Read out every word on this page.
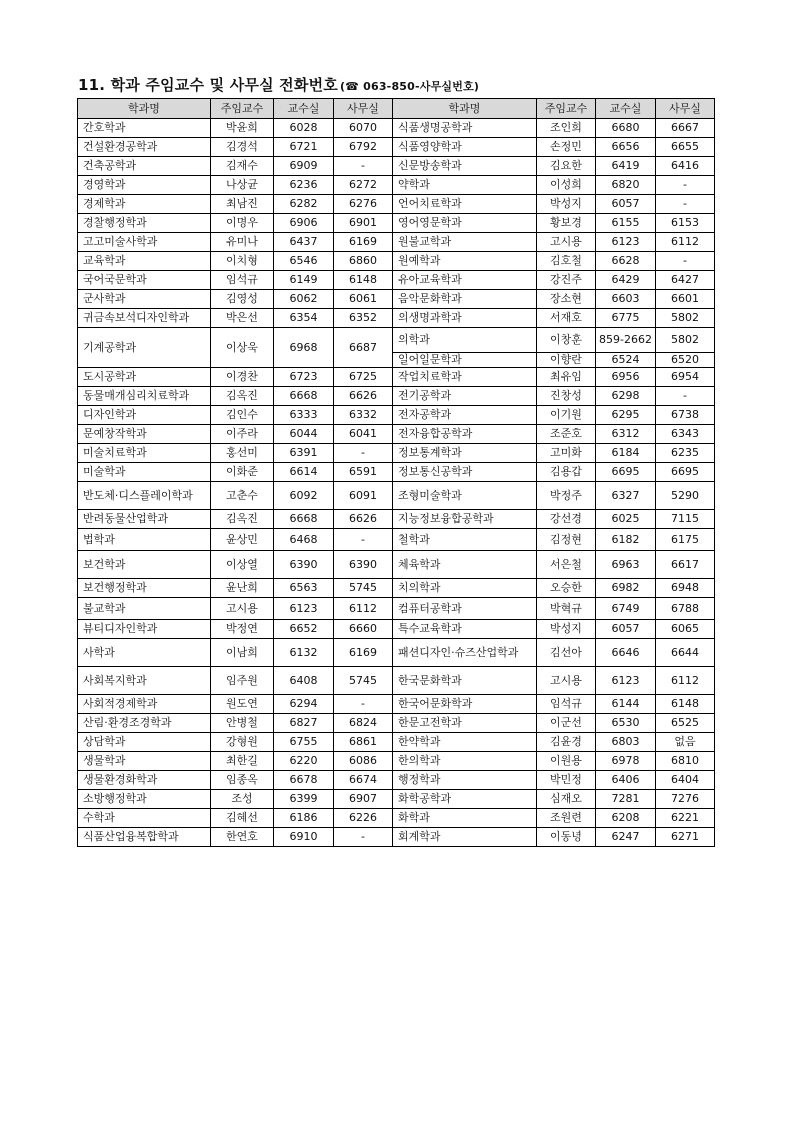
11. 학과 주임교수 및 사무실 전화번호 (☎ 063-850-사무실번호)
학과명	주임교수	교수실	사무실	학과명	주임교수	교수실	사무실
간호학과	박윤희	6028	6070	식품생명공학과	조인희	6680	6667
건설환경공학과	김경석	6721	6792	식품영양학과	손정민	6656	6655
건축공학과	김재수	6909	-	신문방송학과	김요한	6419	6416
경영학과	나상균	6236	6272	약학과	이성희	6820	-
경제학과	최남진	6282	6276	언어치료학과	박성지	6057	-
경찰행정학과	이명우	6906	6901	영어영문학과	황보경	6155	6153
고고미술사학과	유미나	6437	6169	원불교학과	고시용	6123	6112
교육학과	이치형	6546	6860	원예학과	김호철	6628	-
국어국문학과	임석규	6149	6148	유아교육학과	강진주	6429	6427
군사학과	김영성	6062	6061	음악문화학과	장소현	6603	6601
귀금속보석디자인학과	박은선	6354	6352	의생명과학과	서재호	6775	5802
기계공학과	이상욱	6968	6687	의학과	이창훈	859-2662	5802
				일어일문학과	이향란	6524	6520
도시공학과	이경찬	6723	6725	작업치료학과	최유임	6956	6954
동물매개심리치료학과	김옥진	6668	6626	전기공학과	진창성	6298	-
디자인학과	김인수	6333	6332	전자공학과	이기원	6295	6738
문예창작학과	이주라	6044	6041	전자융합공학과	조준호	6312	6343
미술치료학과	홍선미	6391	-	정보통계학과	고미화	6184	6235
미술학과	이화준	6614	6591	정보통신공학과	김용갑	6695	6695
반도체·디스플레이학과	고춘수	6092	6091	조형미술학과	박정주	6327	5290
반려동물산업학과	김옥진	6668	6626	지능정보융합공학과	강선경	6025	7115
법학과	윤상민	6468	-	철학과	김정현	6182	6175
보건학과	이상열	6390	6390	체육학과	서은철	6963	6617
보건행정학과	윤난희	6563	5745	치의학과	오승한	6982	6948
불교학과	고시용	6123	6112	컴퓨터공학과	박혁규	6749	6788
뷰티디자인학과	박정연	6652	6660	특수교육학과	박성지	6057	6065
사학과	이남희	6132	6169	패션디자인·슈즈산업학과	김선아	6646	6644
사회복지학과	임주원	6408	5745	한국문화학과	고시용	6123	6112
사회적경제학과	원도연	6294	-	한국어문화학과	임석규	6144	6148
산림·환경조경학과	안병철	6827	6824	한문고전학과	이군선	6530	6525
상담학과	강형원	6755	6861	한약학과	김윤경	6803	없음
생물학과	최한길	6220	6086	한의학과	이원용	6978	6810
생물환경화학과	임종옥	6678	6674	행정학과	박민정	6406	6404
소방행정학과	조성	6399	6907	화학공학과	심재오	7281	7276
수학과	김혜선	6186	6226	화학과	조원련	6208	6221
식품산업융복합학과	한연호	6910	-	회계학과	이동녕	6247	6271
